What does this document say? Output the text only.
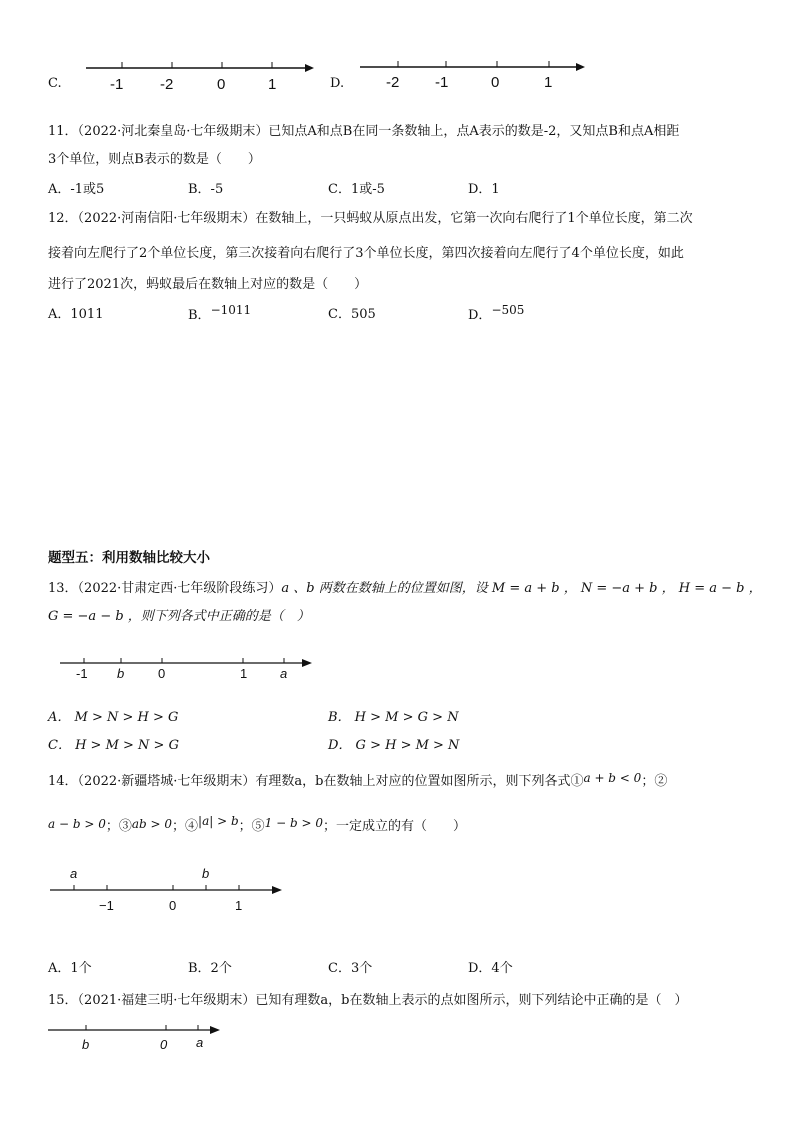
C.	-1 -2	0	1	D.	-2 -1	0	1
11．（2022·河北秦皇岛·七年级期末）已知点A和点B在同一条数轴上，点A表示的数是-2，又知点B和点A相距
3个单位，则点B表示的数是（　　）
A．-1或5	B．-5	C．1或-5	D．1
12．（2022·河南信阳·七年级期末）在数轴上，一只蚂蚁从原点出发，它第一次向右爬行了1个单位长度，第二次
接着向左爬行了2个单位长度，第三次接着向右爬行了3个单位长度，第四次接着向左爬行了4个单位长度，如此
进行了2021次，蚂蚁最后在数轴上对应的数是（　　）
A．1011	B．−1011	C．505	D．−505
题型五：利用数轴比较大小
13．（2022·甘肃定西·七年级阶段练习）a 、b 两数在数轴上的位置如图，设 M = a + b ， N = −a + b ， H = a − b ，
G = −a − b ，则下列各式中正确的是（　）
-1 b	0	1	a
A． M > N > H > G	B． H > M > G > N
C． H > M > N > G	D． G > H > M > N
14．（2022·新疆塔城·七年级期末）有理数a，b在数轴上对应的位置如图所示，则下列各式①a + b < 0；②
a − b > 0；③ab > 0；④|a| > b；⑤1 − b > 0；一定成立的有（　　）
a	b
−1	0	1
A．1个	B．2个	C．3个	D．4个
15．（2021·福建三明·七年级期末）已知有理数a，b在数轴上表示的点如图所示，则下列结论中正确的是（　）
b	0 a
